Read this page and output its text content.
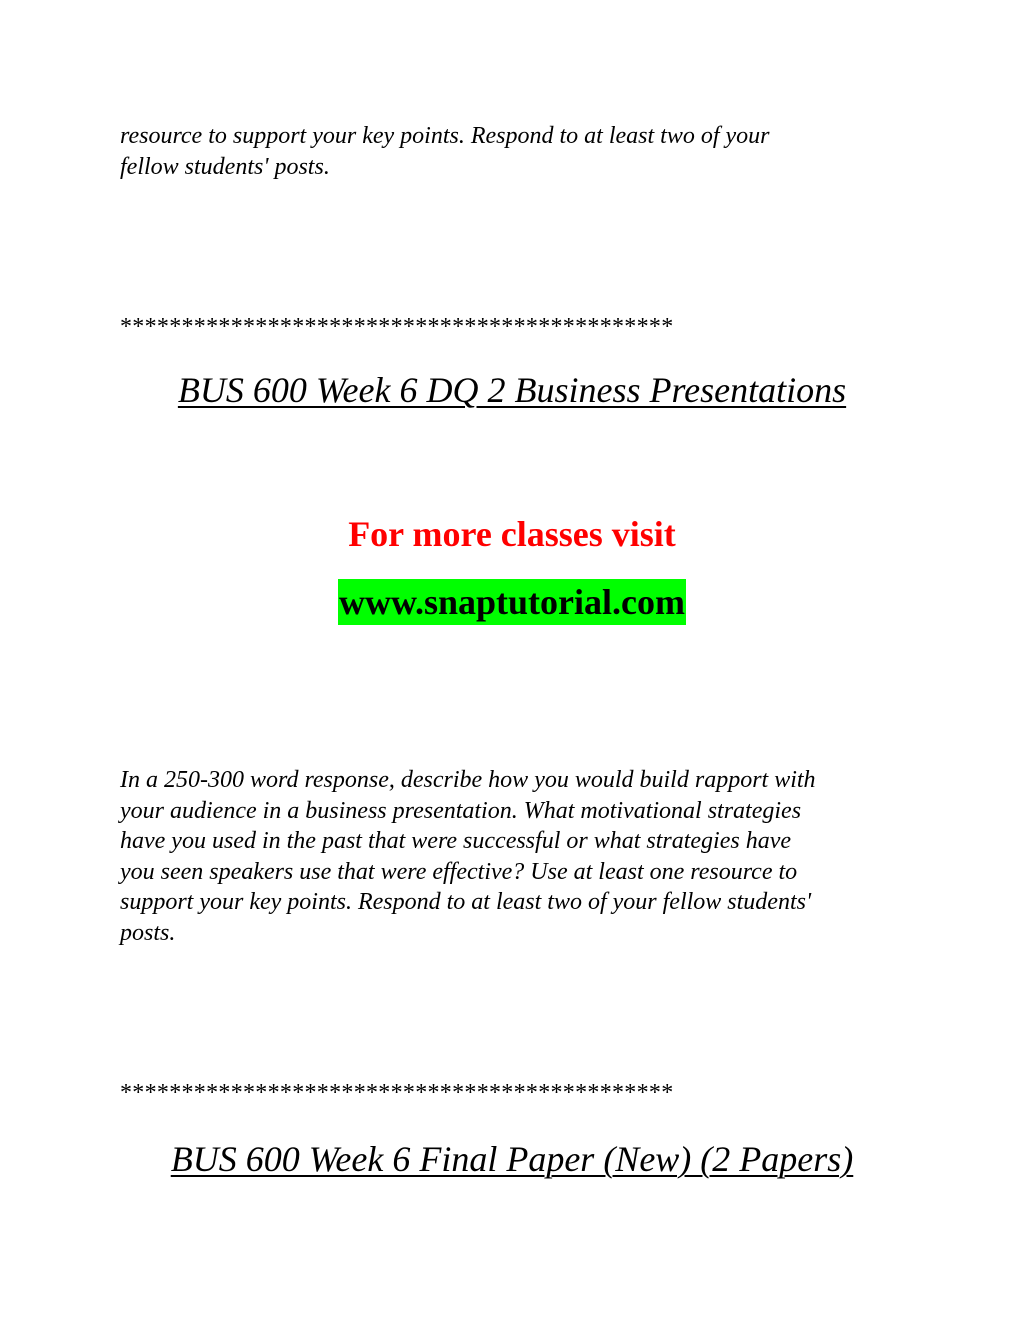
resource to support your key points. Respond to at least two of your
fellow students' posts.
*********************************************
BUS 600 Week 6 DQ 2 Business Presentations
For more classes visit
www.snaptutorial.com
In a 250-300 word response, describe how you would build rapport with
your audience in a business presentation. What motivational strategies
have you used in the past that were successful or what strategies have
you seen speakers use that were effective? Use at least one resource to
support your key points. Respond to at least two of your fellow students'
posts.
*********************************************
BUS 600 Week 6 Final Paper (New) (2 Papers)
